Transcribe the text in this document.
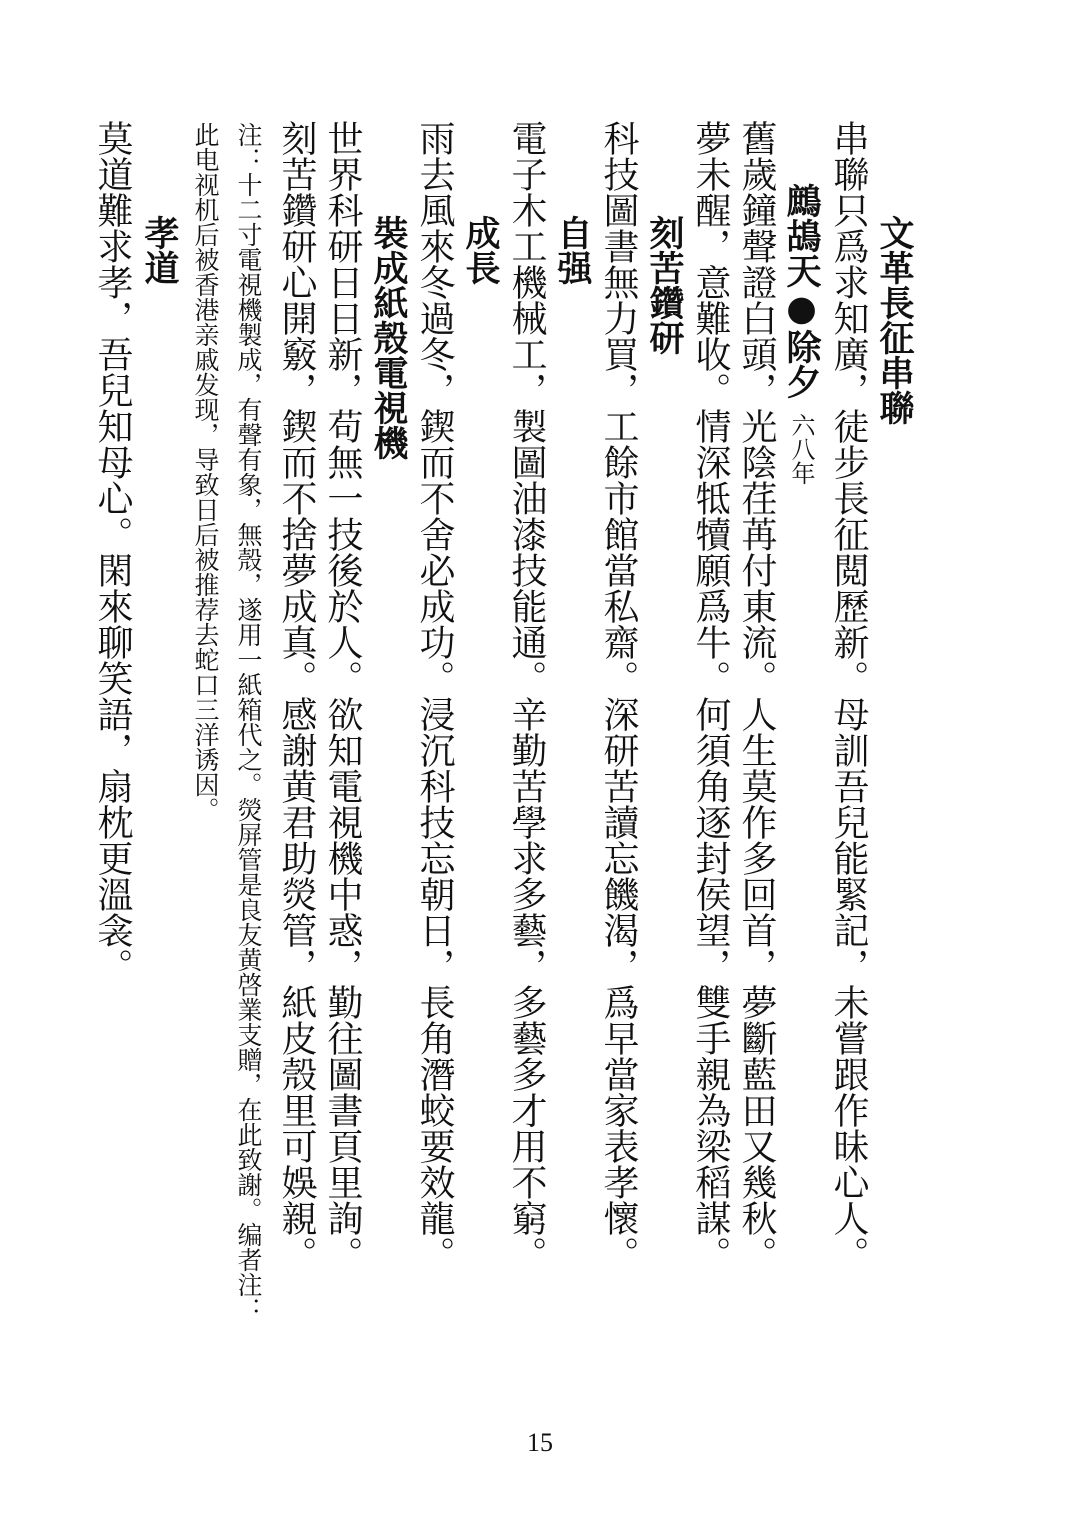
文革長征串聯
串聯只爲求知廣，徒步長征閲歷新。母訓吾兒能緊記，未嘗跟作昧心人。
鷓鴣天●除夕六八年
舊歲鐘聲證白頭，光陰荏苒付東流。人生莫作多回首，夢斷藍田又幾秋。
夢未醒，意難收。情深牴犢願爲牛。何須角逐封侯望，雙手親為梁稻謀。
刻苦鑽研
科技圖書無力買，工餘市館當私齋。深研苦讀忘饑渴，爲早當家表孝懷。
自强
電子木工機械工，製圖油漆技能通。辛勤苦學求多藝，多藝多才用不窮。
成長
雨去風來冬過冬，鍥而不舍必成功。浸沉科技忘朝日，長角潛蛟要效龍。
裝成紙殼電視機
世界科研日日新，苟無一技後於人。欲知電視機中惑，勤往圖書頁里詢。
刻苦鑽研心開竅，鍥而不捨夢成真。感謝黄君助熒管，紙皮殼里可娛親。
注：十二寸電視機製成，有聲有象，無殼，遂用一紙箱代之。熒屏管是良友黄啓業支贈，在此致謝。编者注：
此电视机后被香港亲戚发现，导致日后被推荐去蛇口三洋诱因。
孝道
莫道難求孝，吾兒知母心。閑來聊笑語，扇枕更溫衾。
15
